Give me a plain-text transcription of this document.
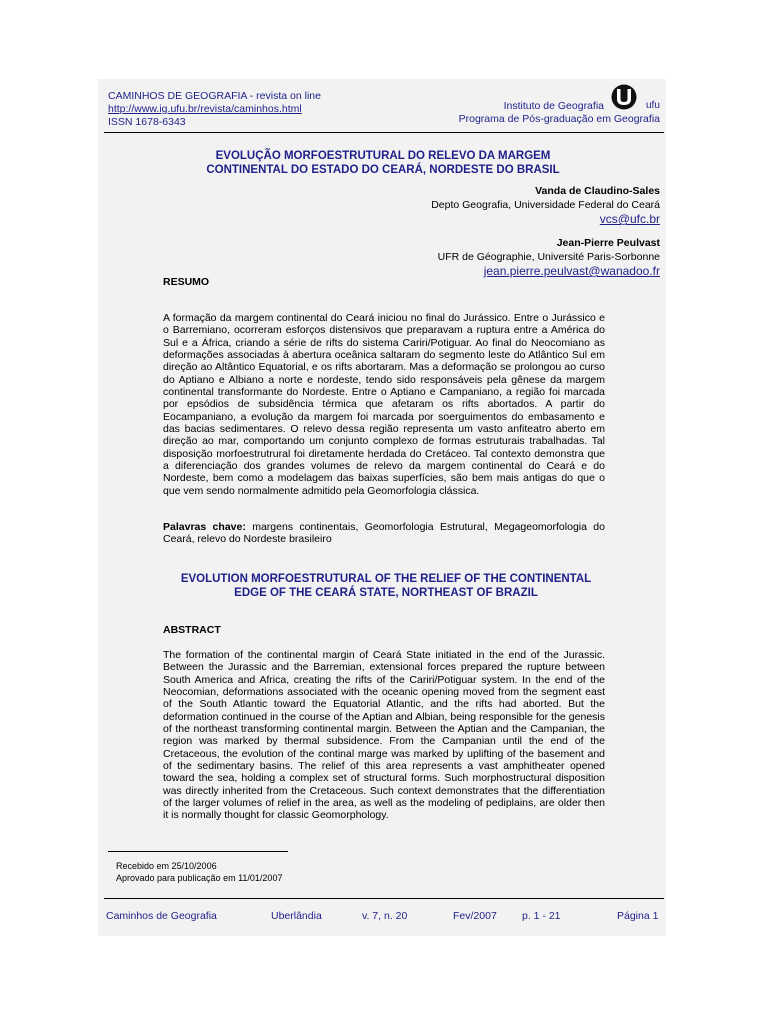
CAMINHOS DE GEOGRAFIA - revista on line
http://www.ig.ufu.br/revista/caminhos.html
ISSN 1678-6343
ufu
Instituto de Geografia
Programa de Pós-graduação em Geografia
EVOLUÇÃO MORFOESTRUTURAL DO RELEVO DA MARGEM
CONTINENTAL DO ESTADO DO CEARÁ, NORDESTE DO BRASIL
Vanda de Claudino-Sales
Depto Geografia, Universidade Federal do Ceará
vcs@ufc.br
Jean-Pierre Peulvast
UFR de Géographie, Université Paris-Sorbonne
jean.pierre.peulvast@wanadoo.fr
RESUMO
A formação da margem continental do Ceará iniciou no final do Jurássico. Entre o Jurássico e o Barremiano, ocorreram esforços distensivos que preparavam a ruptura entre a América do Sul e a África, criando a série de rifts do sistema Cariri/Potiguar. Ao final do Neocomiano as deformações associadas à abertura oceânica saltaram do segmento leste do Atlântico Sul em direção ao Altântico Equatorial, e os rifts abortaram. Mas a deformação se prolongou ao curso do Aptiano e Albiano a norte e nordeste, tendo sido responsáveis pela gênese da margem continental transformante do Nordeste. Entre o Aptiano e Campaniano, a região foi marcada por epsódios de subsidência térmica que afetaram os rifts abortados. A partir do Eocampaniano, a evolução da margem foi marcada por soerguimentos do embasamento e das bacias sedimentares. O relevo dessa região representa um vasto anfiteatro aberto em direção ao mar, comportando um conjunto complexo de formas estruturais trabalhadas. Tal disposição morfoestrutrural foi diretamente herdada do Cretáceo. Tal contexto demonstra que a diferenciação dos grandes volumes de relevo da margem continental do Ceará e do Nordeste, bem como a modelagem das baixas superfícies, são bem mais antigas do que o que vem sendo normalmente admitido pela Geomorfologia clássica.
Palavras chave: margens continentais, Geomorfologia Estrutural, Megageomorfologia do Ceará, relevo do Nordeste brasileiro
EVOLUTION MORFOESTRUTURAL OF THE RELIEF OF THE CONTINENTAL
EDGE OF THE CEARÁ STATE, NORTHEAST OF BRAZIL
ABSTRACT
The formation of the continental margin of Ceará State initiated in the end of the Jurassic. Between the Jurassic and the Barremian, extensional forces prepared the rupture between South America and Africa, creating the rifts of the Cariri/Potiguar system. In the end of the Neocomian, deformations associated with the oceanic opening moved from the segment east of the South Atlantic toward the Equatorial Atlantic, and the rifts had aborted. But the deformation continued in the course of the Aptian and Albian, being responsible for the genesis of the northeast transforming continental margin. Between the Aptian and the Campanian, the region was marked by thermal subsidence. From the Campanian until the end of the Cretaceous, the evolution of the continal marge was marked by uplifting of the basement and of the sedimentary basins. The relief of this area represents a vast amphitheater opened toward the sea, holding a complex set of structural forms. Such morphostructural disposition was directly inherited from the Cretaceous. Such context demonstrates that the differentiation of the larger volumes of relief in the area, as well as the modeling of pediplains, are older then it is normally thought for classic Geomorphology.
Recebido em 25/10/2006
Aprovado para publicação em 11/01/2007
Caminhos de Geografia	Uberlândia	v. 7, n. 20	Fev/2007 p. 1 - 21	Página 1
